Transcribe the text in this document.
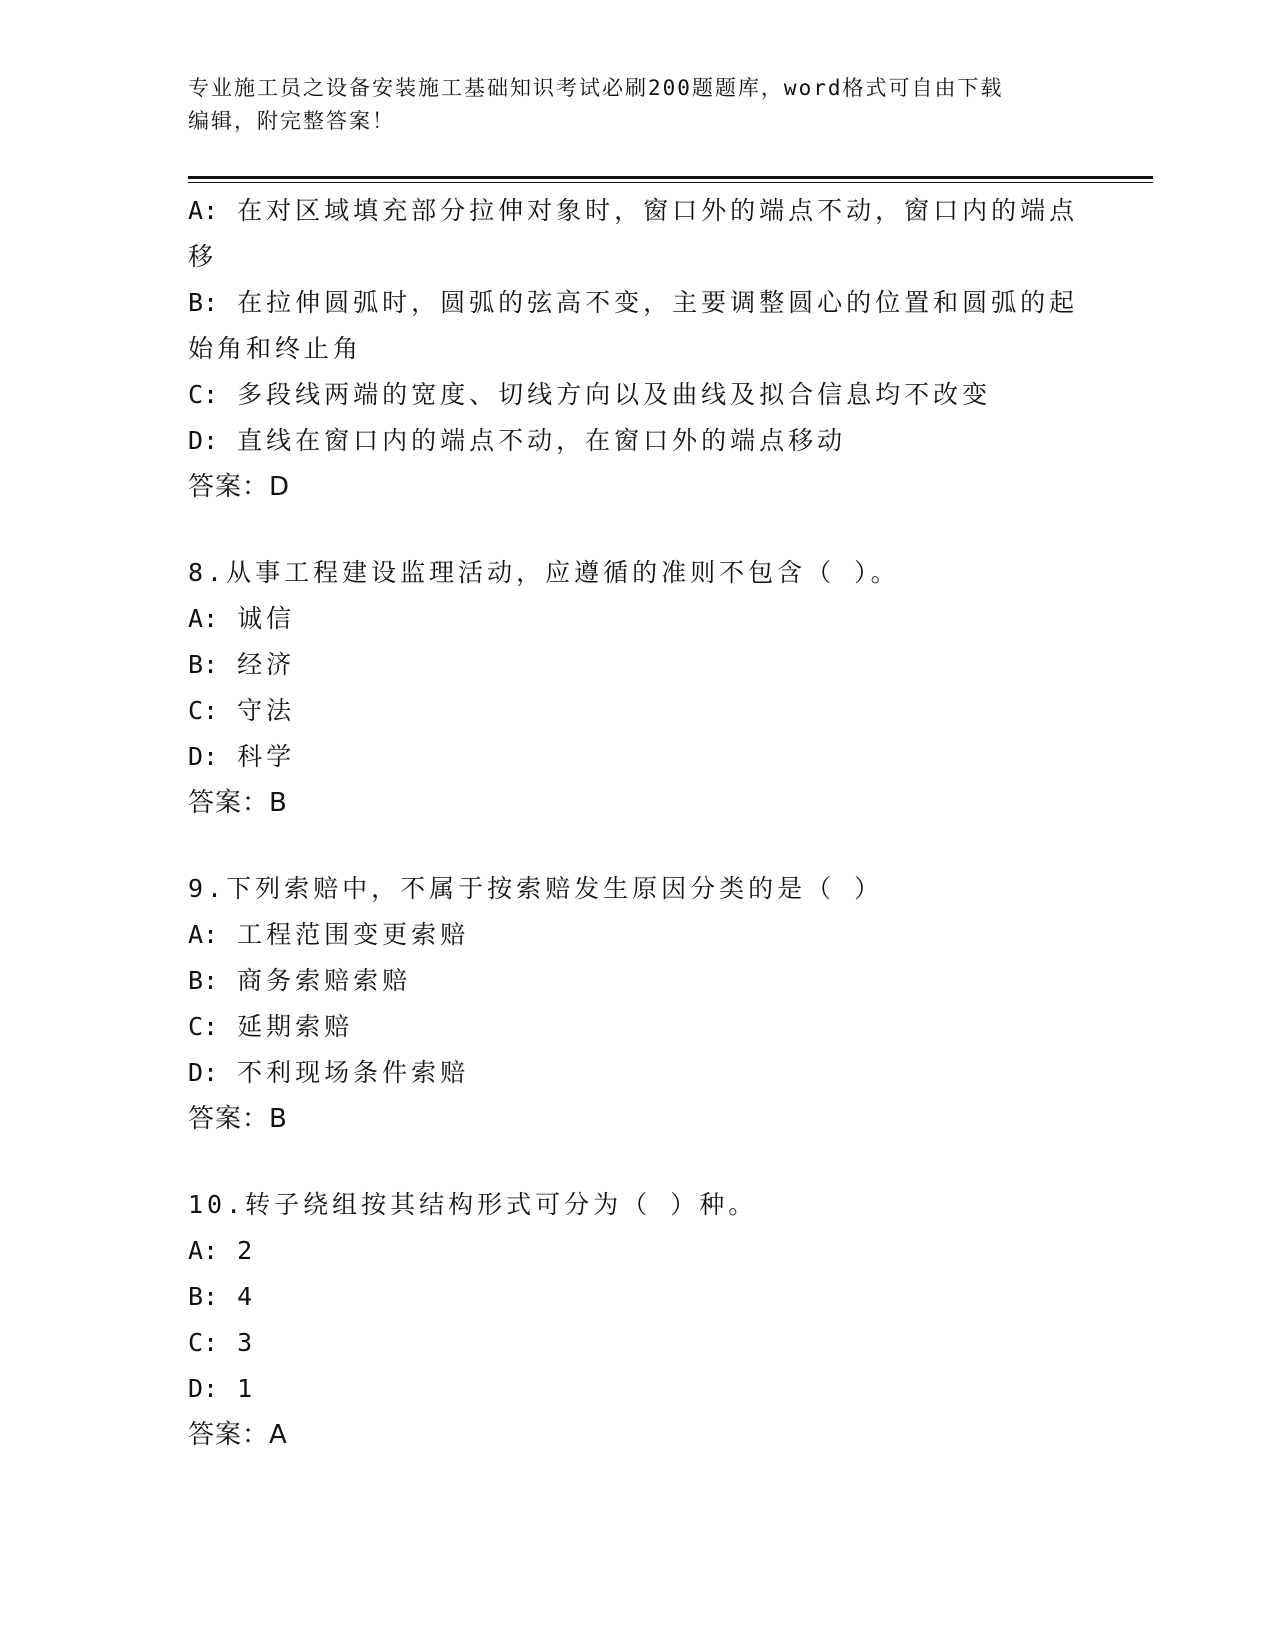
专业施工员之设备安装施工基础知识考试必刷200题题库，word格式可自由下载
编辑，附完整答案！
A: 在对区域填充部分拉伸对象时，窗口外的端点不动，窗口内的端点
移
B: 在拉伸圆弧时，圆弧的弦高不变，主要调整圆心的位置和圆弧的起
始角和终止角
C: 多段线两端的宽度、切线方向以及曲线及拟合信息均不改变
D: 直线在窗口内的端点不动，在窗口外的端点移动
答案：D
8.从事工程建设监理活动，应遵循的准则不包含（ ）。
A: 诚信
B: 经济
C: 守法
D: 科学
答案：B
9.下列索赔中，不属于按索赔发生原因分类的是（ ）
A: 工程范围变更索赔
B: 商务索赔索赔
C: 延期索赔
D: 不利现场条件索赔
答案：B
10.转子绕组按其结构形式可分为（ ）种。
A: 2
B: 4
C: 3
D: 1
答案：A
